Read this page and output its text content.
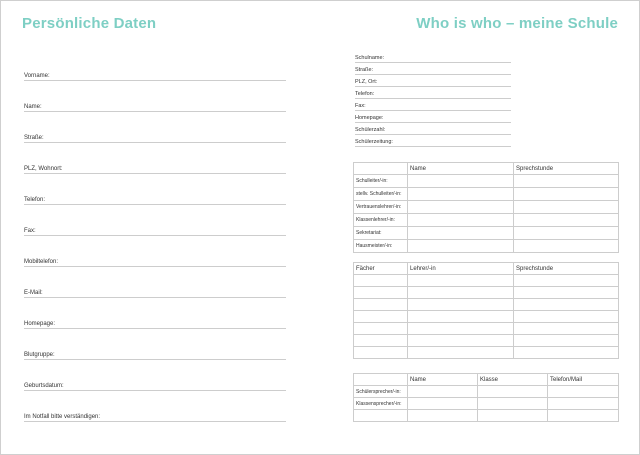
Persönliche Daten	Who is who – meine Schule
Vorname:
Name:
Straße:
PLZ, Wohnort:
Telefon:
Fax:
Mobiltelefon:
E-Mail:
Homepage:
Blutgruppe:
Geburtsdatum:
Im Notfall bitte verständigen:
Schulname:
Straße:
PLZ, Ort:
Telefon:
Fax:
Homepage:
Schülerzahl:
Schülerzeitung:
	Name	Sprechstunde
Schulleiter/-in:		
stellv. Schulleiter/-in:		
Vertrauenslehrer/-in:		
Klassenlehrer/-in:		
Sekretariat:		
Hausmeister/-in:		
Fächer	Lehrer/-in	Sprechstunde

	Name	Klasse	Telefon/Mail
Schülersprecher/-in:			
Klassensprecher/-in:			
